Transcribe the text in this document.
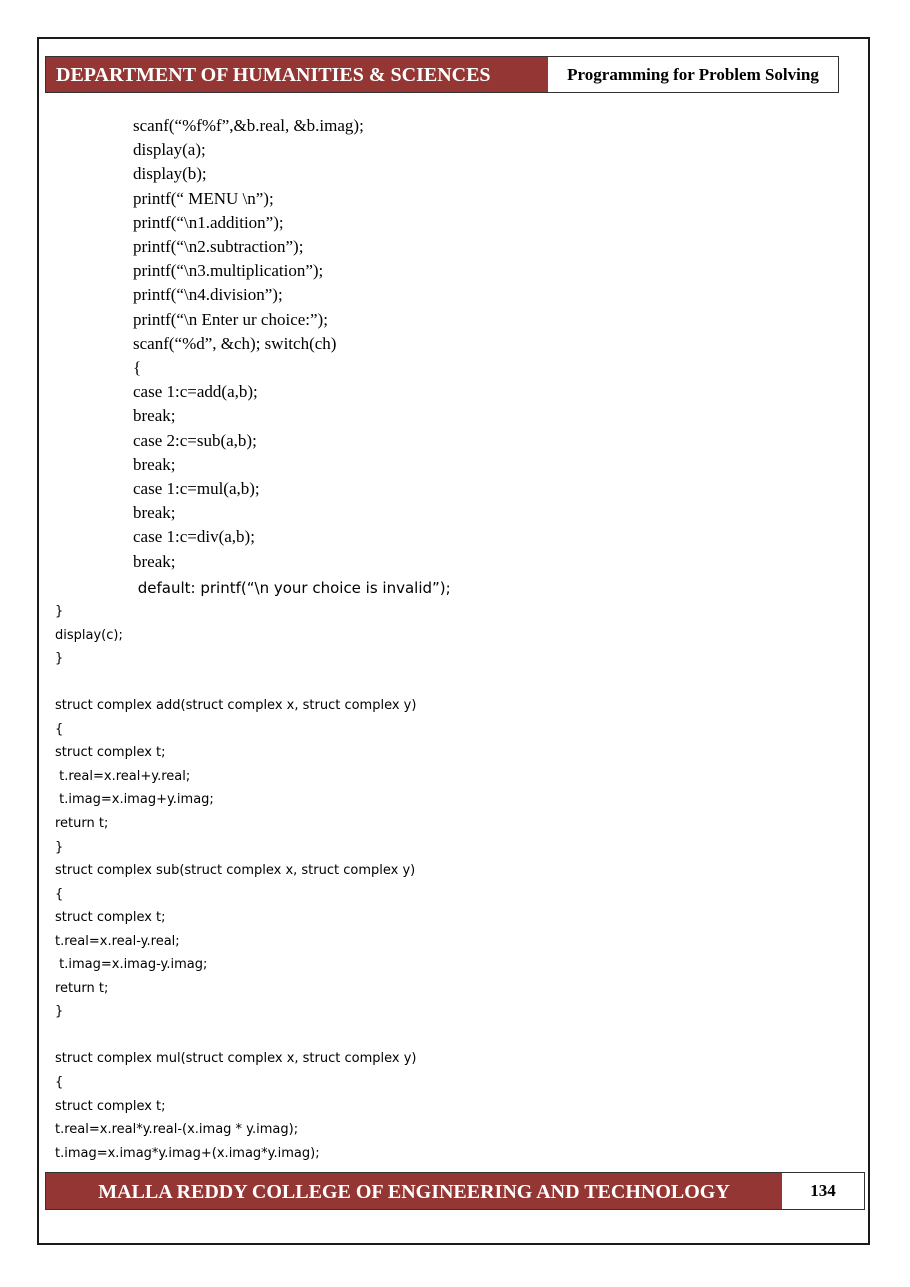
DEPARTMENT OF HUMANITIES & SCIENCES	Programming for Problem Solving
scanf(“%f%f”,&b.real, &b.imag);
display(a);
display(b);
printf(“ MENU \n”);
printf(“\n1.addition”);
printf(“\n2.subtraction”);
printf(“\n3.multiplication”);
printf(“\n4.division”);
printf(“\n Enter ur choice:”);
scanf(“%d”, &ch); switch(ch)
{
case 1:c=add(a,b);
break;
case 2:c=sub(a,b);
break;
case 1:c=mul(a,b);
break;
case 1:c=div(a,b);
break;
default: printf(“\n your choice is invalid”);
}
display(c);
}
struct complex add(struct complex x, struct complex y)
{
struct complex t;
t.real=x.real+y.real;
t.imag=x.imag+y.imag;
return t;
}
struct complex sub(struct complex x, struct complex y)
{
struct complex t;
t.real=x.real-y.real;
t.imag=x.imag-y.imag;
return t;
}
struct complex mul(struct complex x, struct complex y)
{
struct complex t;
t.real=x.real*y.real-(x.imag * y.imag);
t.imag=x.imag*y.imag+(x.imag*y.imag);
MALLA REDDY COLLEGE OF ENGINEERING AND TECHNOLOGY	134
